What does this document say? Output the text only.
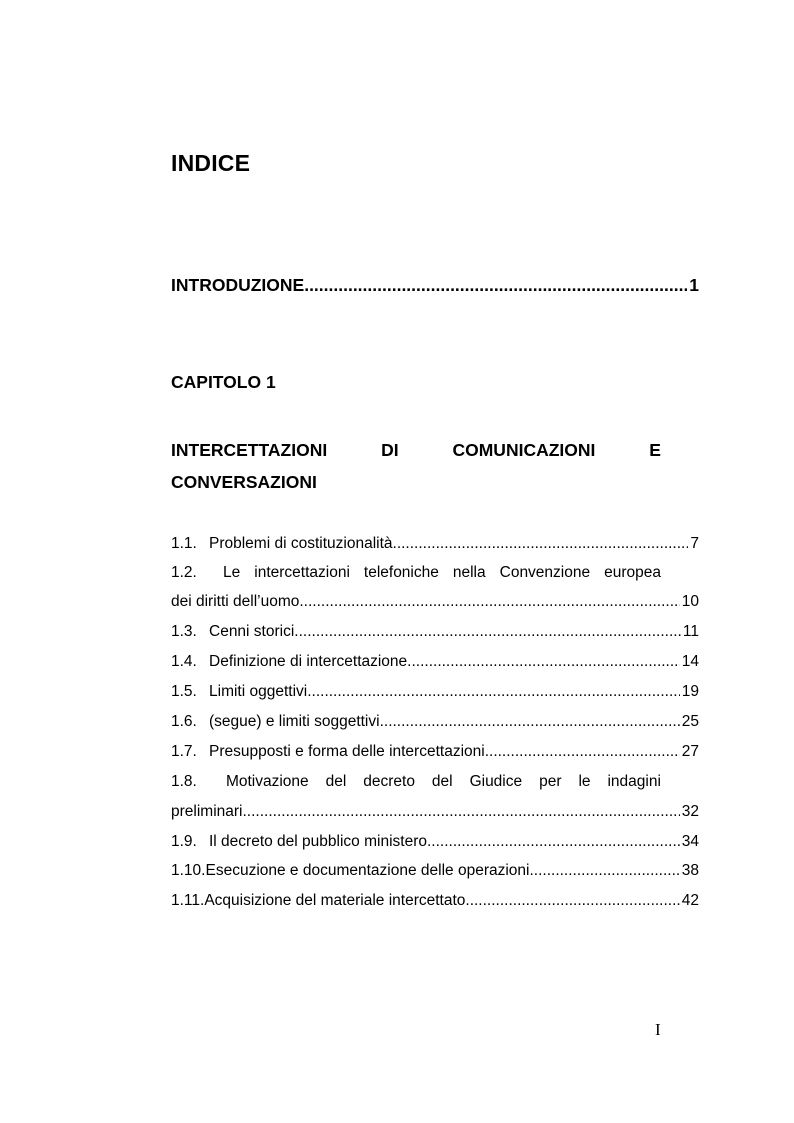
INDICE
INTRODUZIONE .....	1
CAPITOLO 1
INTERCETTAZIONI	DI	COMUNICAZIONI	E
CONVERSAZIONI
1.1. Problemi di costituzionalità .....	7
1.2.	Le intercettazioni telefoniche nella Convenzione europea
dei diritti dell’uomo .....	10
1.3. Cenni storici .....	11
1.4. Definizione di intercettazione .....	14
1.5. Limiti oggettivi .....	19
1.6. (segue) e limiti soggettivi .....	25
1.7. Presupposti e forma delle intercettazioni .....	27
1.8.	Motivazione del decreto del Giudice per le indagini
preliminari .....	32
1.9. Il decreto del pubblico ministero .....	34
1.10.Esecuzione e documentazione delle operazioni .....	38
1.11.Acquisizione del materiale intercettato .....	42
I
